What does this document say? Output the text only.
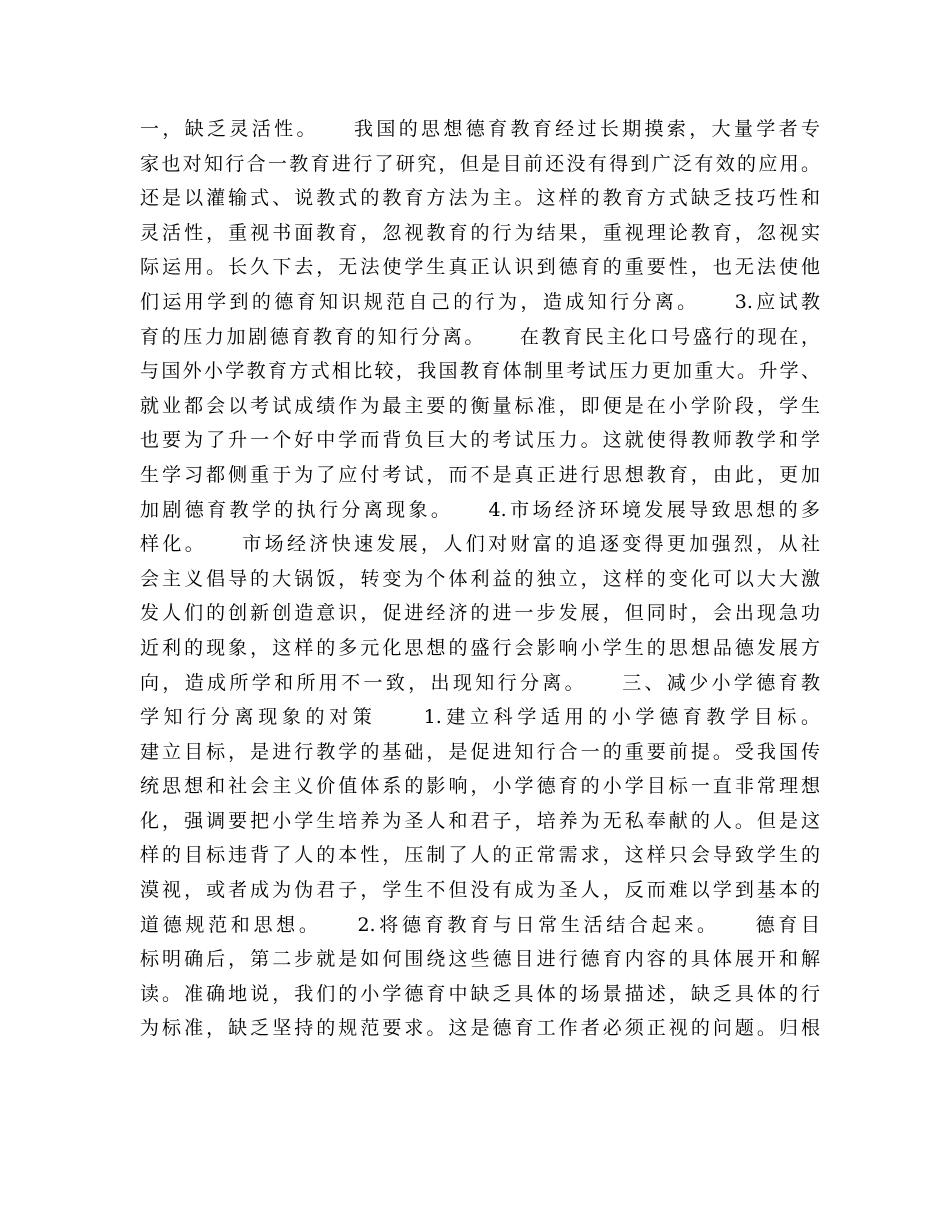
一，缺乏灵活性。　　我国的思想德育教育经过长期摸索，大量学者专
家也对知行合一教育进行了研究，但是目前还没有得到广泛有效的应用。
还是以灌输式、说教式的教育方法为主。这样的教育方式缺乏技巧性和
灵活性，重视书面教育，忽视教育的行为结果，重视理论教育，忽视实
际运用。长久下去，无法使学生真正认识到德育的重要性，也无法使他
们运用学到的德育知识规范自己的行为，造成知行分离。　　3.应试教
育的压力加剧德育教育的知行分离。　　在教育民主化口号盛行的现在，
与国外小学教育方式相比较，我国教育体制里考试压力更加重大。升学、
就业都会以考试成绩作为最主要的衡量标准，即便是在小学阶段，学生
也要为了升一个好中学而背负巨大的考试压力。这就使得教师教学和学
生学习都侧重于为了应付考试，而不是真正进行思想教育，由此，更加
加剧德育教学的执行分离现象。　　4.市场经济环境发展导致思想的多
样化。　　市场经济快速发展，人们对财富的追逐变得更加强烈，从社
会主义倡导的大锅饭，转变为个体利益的独立，这样的变化可以大大激
发人们的创新创造意识，促进经济的进一步发展，但同时，会出现急功
近利的现象，这样的多元化思想的盛行会影响小学生的思想品德发展方
向，造成所学和所用不一致，出现知行分离。　　三、减少小学德育教
学知行分离现象的对策　　1.建立科学适用的小学德育教学目标。
建立目标，是进行教学的基础，是促进知行合一的重要前提。受我国传
统思想和社会主义价值体系的影响，小学德育的小学目标一直非常理想
化，强调要把小学生培养为圣人和君子，培养为无私奉献的人。但是这
样的目标违背了人的本性，压制了人的正常需求，这样只会导致学生的
漠视，或者成为伪君子，学生不但没有成为圣人，反而难以学到基本的
道德规范和思想。　　2.将德育教育与日常生活结合起来。　　德育目
标明确后，第二步就是如何围绕这些德目进行德育内容的具体展开和解
读。准确地说，我们的小学德育中缺乏具体的场景描述，缺乏具体的行
为标准，缺乏坚持的规范要求。这是德育工作者必须正视的问题。归根
